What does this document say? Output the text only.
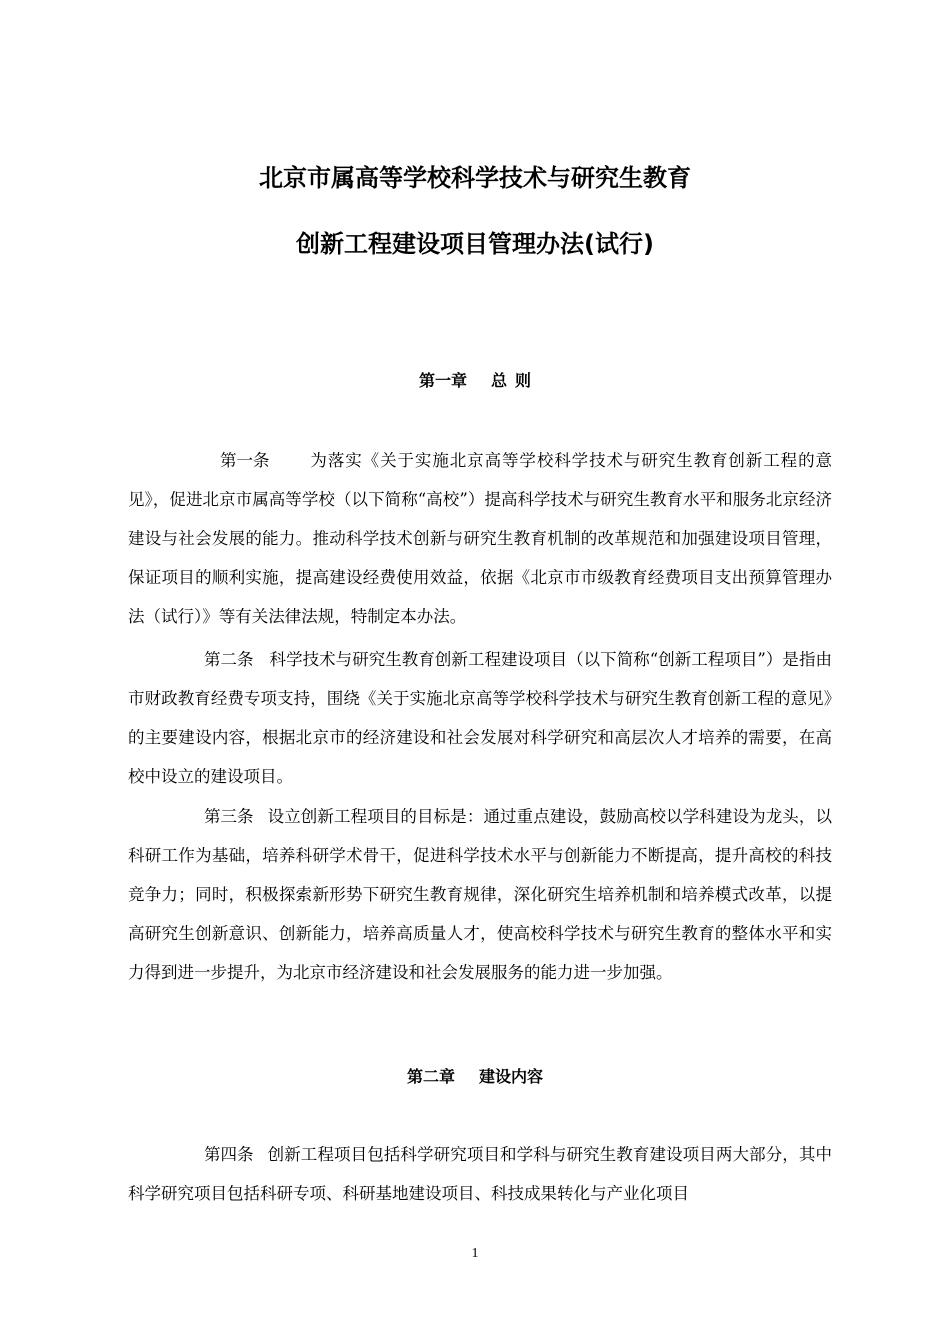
北京市属高等学校科学技术与研究生教育
创新工程建设项目管理办法(试行)
第一章 总 则

第一条 为落实《关于实施北京高等学校科学技术与研究生教育创新工程的意见》，促进北京市属高等学校（以下简称“高校”）提高科学技术与研究生教育水平和服务北京经济建设与社会发展的能力。推动科学技术创新与研究生教育机制的改革规范和加强建设项目管理，保证项目的顺利实施，提高建设经费使用效益，依据《北京市市级教育经费项目支出预算管理办法（试行）》等有关法律法规，特制定本办法。

第二条 科学技术与研究生教育创新工程建设项目（以下简称“创新工程项目”）是指由市财政教育经费专项支持，围绕《关于实施北京高等学校科学技术与研究生教育创新工程的意见》的主要建设内容，根据北京市的经济建设和社会发展对科学研究和高层次人才培养的需要，在高校中设立的建设项目。

第三条 设立创新工程项目的目标是：通过重点建设，鼓励高校以学科建设为龙头，以科研工作为基础，培养科研学术骨干，促进科学技术水平与创新能力不断提高，提升高校的科技竞争力；同时，积极探索新形势下研究生教育规律，深化研究生培养机制和培养模式改革，以提高研究生创新意识、创新能力，培养高质量人才，使高校科学技术与研究生教育的整体水平和实力得到进一步提升，为北京市经济建设和社会发展服务的能力进一步加强。

第二章 建设内容

第四条 创新工程项目包括科学研究项目和学科与研究生教育建设项目两大部分，其中科学研究项目包括科研专项、科研基地建设项目、科技成果转化与产业化项目

1
